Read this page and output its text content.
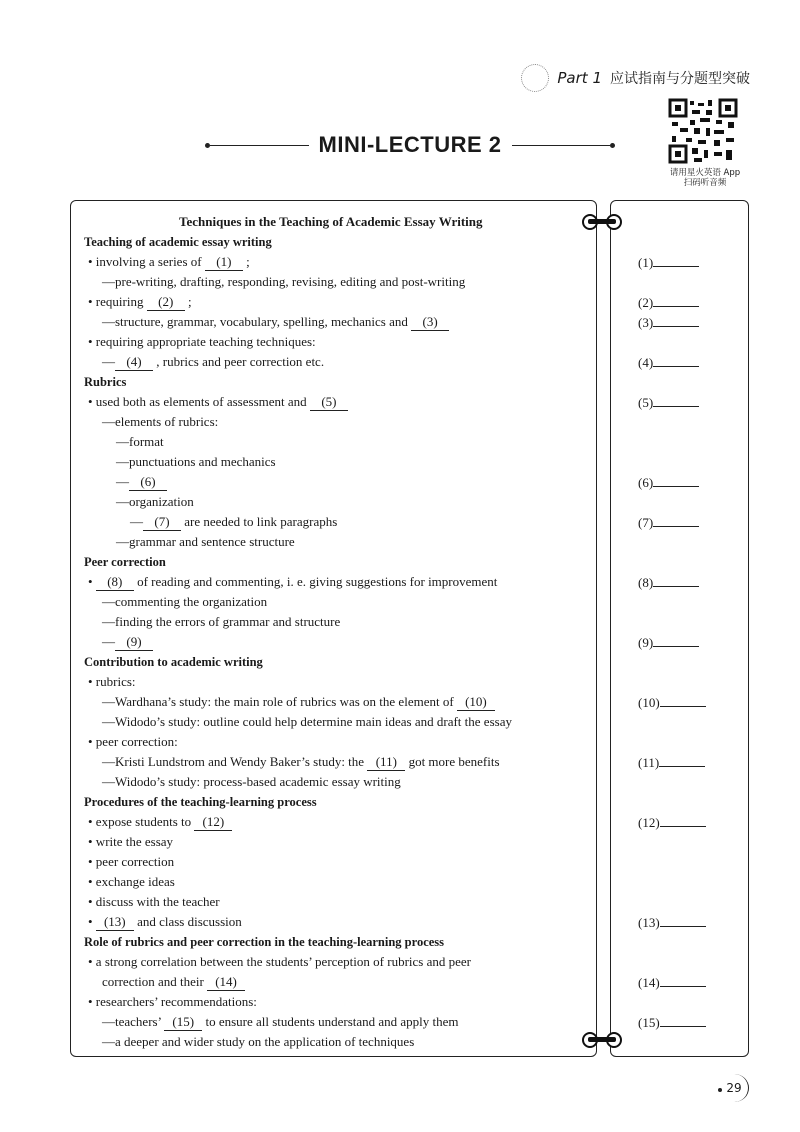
Part 1 应试指南与分题型突破
请用星火英语 App
扫码听音频
MINI-LECTURE 2
Techniques in the Teaching of Academic Essay Writing
Teaching of academic essay writing
• involving a series of (1) ;
—pre-writing, drafting, responding, revising, editing and post-writing
• requiring (2) ;
—structure, grammar, vocabulary, spelling, mechanics and (3)
• requiring appropriate teaching techniques:
— (4) , rubrics and peer correction etc.
Rubrics
• used both as elements of assessment and (5)
—elements of rubrics:
—format
—punctuations and mechanics
— (6)
—organization
— (7) are needed to link paragraphs
—grammar and sentence structure
Peer correction
• (8) of reading and commenting, i. e. giving suggestions for improvement
—commenting the organization
—finding the errors of grammar and structure
— (9)
Contribution to academic writing
• rubrics:
—Wardhana’s study: the main role of rubrics was on the element of (10)
—Widodo’s study: outline could help determine main ideas and draft the essay
• peer correction:
—Kristi Lundstrom and Wendy Baker’s study: the (11) got more benefits
—Widodo’s study: process-based academic essay writing
Procedures of the teaching-learning process
• expose students to (12)
• write the essay
• peer correction
• exchange ideas
• discuss with the teacher
• (13) and class discussion
Role of rubrics and peer correction in the teaching-learning process
• a strong correlation between the students’ perception of rubrics and peer
correction and their (14)
• researchers’ recommendations:
—teachers’ (15) to ensure all students understand and apply them
—a deeper and wider study on the application of techniques
(1)
(2)
(3)
(4)
(5)
(6)
(7)
(8)
(9)
(10)
(11)
(12)
(13)
(14)
(15)
29
